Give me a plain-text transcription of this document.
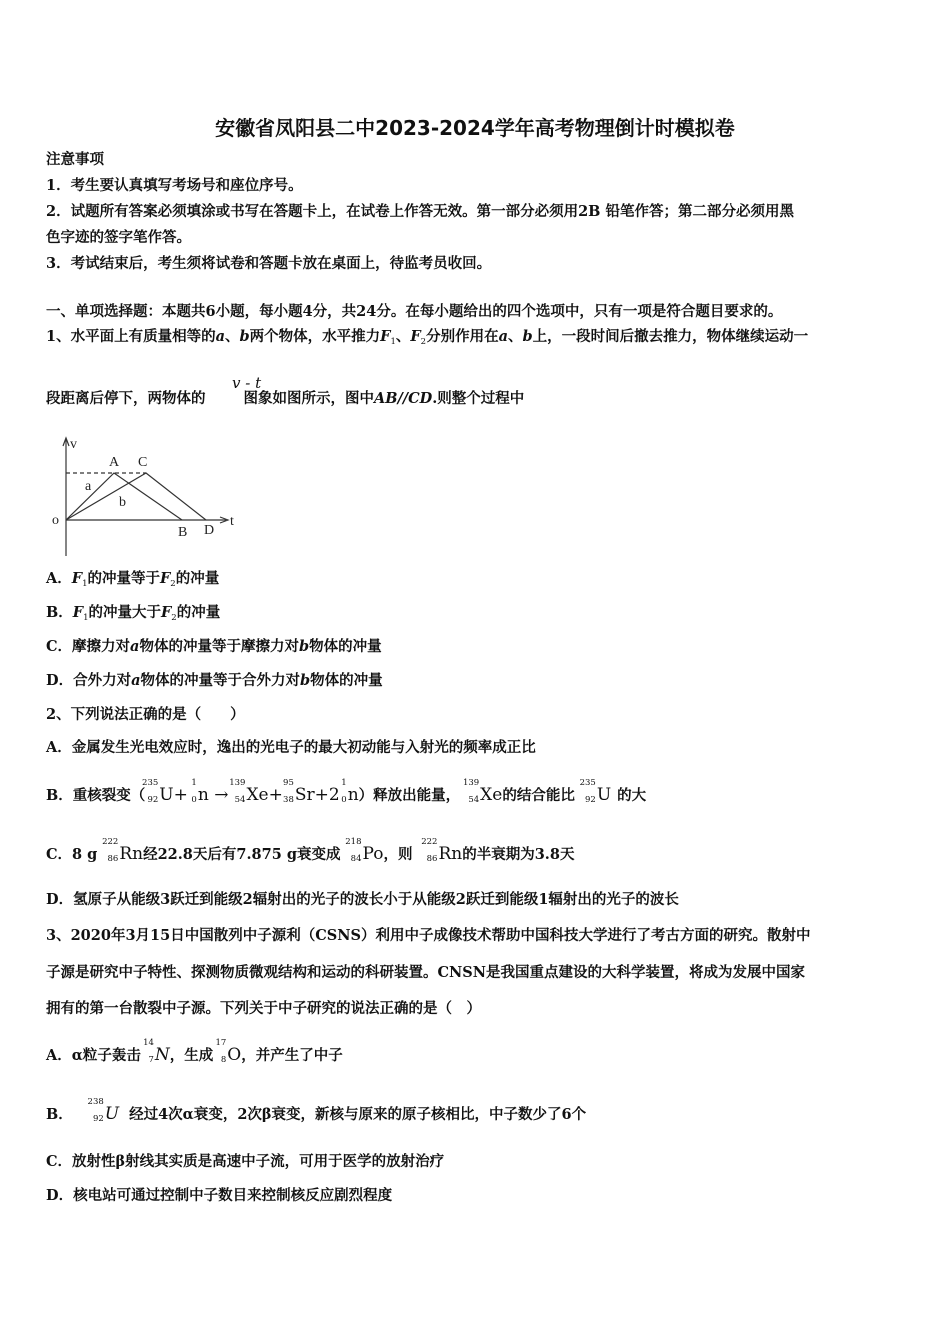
安徽省凤阳县二中2023-2024学年高考物理倒计时模拟卷
注意事项
1．考生要认真填写考场号和座位序号。
2．试题所有答案必须填涂或书写在答题卡上，在试卷上作答无效。第一部分必须用2B 铅笔作答；第二部分必须用黑
色字迹的签字笔作答。
3．考试结束后，考生须将试卷和答题卡放在桌面上，待监考员收回。
一、单项选择题：本题共6小题，每小题4分，共24分。在每小题给出的四个选项中，只有一项是符合题目要求的。
1、水平面上有质量相等的a、b两个物体，水平推力$F_1$、$F_2$分别作用在a、b上，一段时间后撤去推力，物体继续运动一
v - t
段距离后停下，两物体的	图象如图所示，图中AB//CD.则整个过程中
v
t
o
A C
a
b
B D
A．$F_1$的冲量等于$F_2$的冲量
B．$F_1$的冲量大于$F_2$的冲量
C．摩擦力对a物体的冲量等于摩擦力对b物体的冲量
D．合外力对a物体的冲量等于合外力对b物体的冲量
2、下列说法正确的是（　　）
A．金属发生光电效应时，逸出的光电子的最大初动能与入射光的频率成正比
B．重核裂变（
235
92 U+
1
0 n →
139
54 Xe+
95
38 Sr+2
1
0 n）释放出能量，
139
54 Xe的结合能比
235
92 U 的大
C．8 g
222
86 Rn经22.8天后有7.875 g衰变成
218
84 Po，则
222
86 Rn的半衰期为3.8天
D．氢原子从能级3跃迁到能级2辐射出的光子的波长小于从能级2跃迁到能级1辐射出的光子的波长
3、2020年3月15日中国散列中子源利（CSNS）利用中子成像技术帮助中国科技大学进行了考古方面的研究。散射中
子源是研究中子特性、探测物质微观结构和运动的科研装置。CNSN是我国重点建设的大科学装置，将成为发展中国家
拥有的第一台散裂中子源。下列关于中子研究的说法正确的是（　）
A．α粒子轰击
14
7 N，生成
17
8 O，并产生了中子
B．
238
92 U 经过4次α衰变，2次β衰变，新核与原来的原子核相比，中子数少了6个
C．放射性β射线其实质是高速中子流，可用于医学的放射治疗
D．核电站可通过控制中子数目来控制核反应剧烈程度
